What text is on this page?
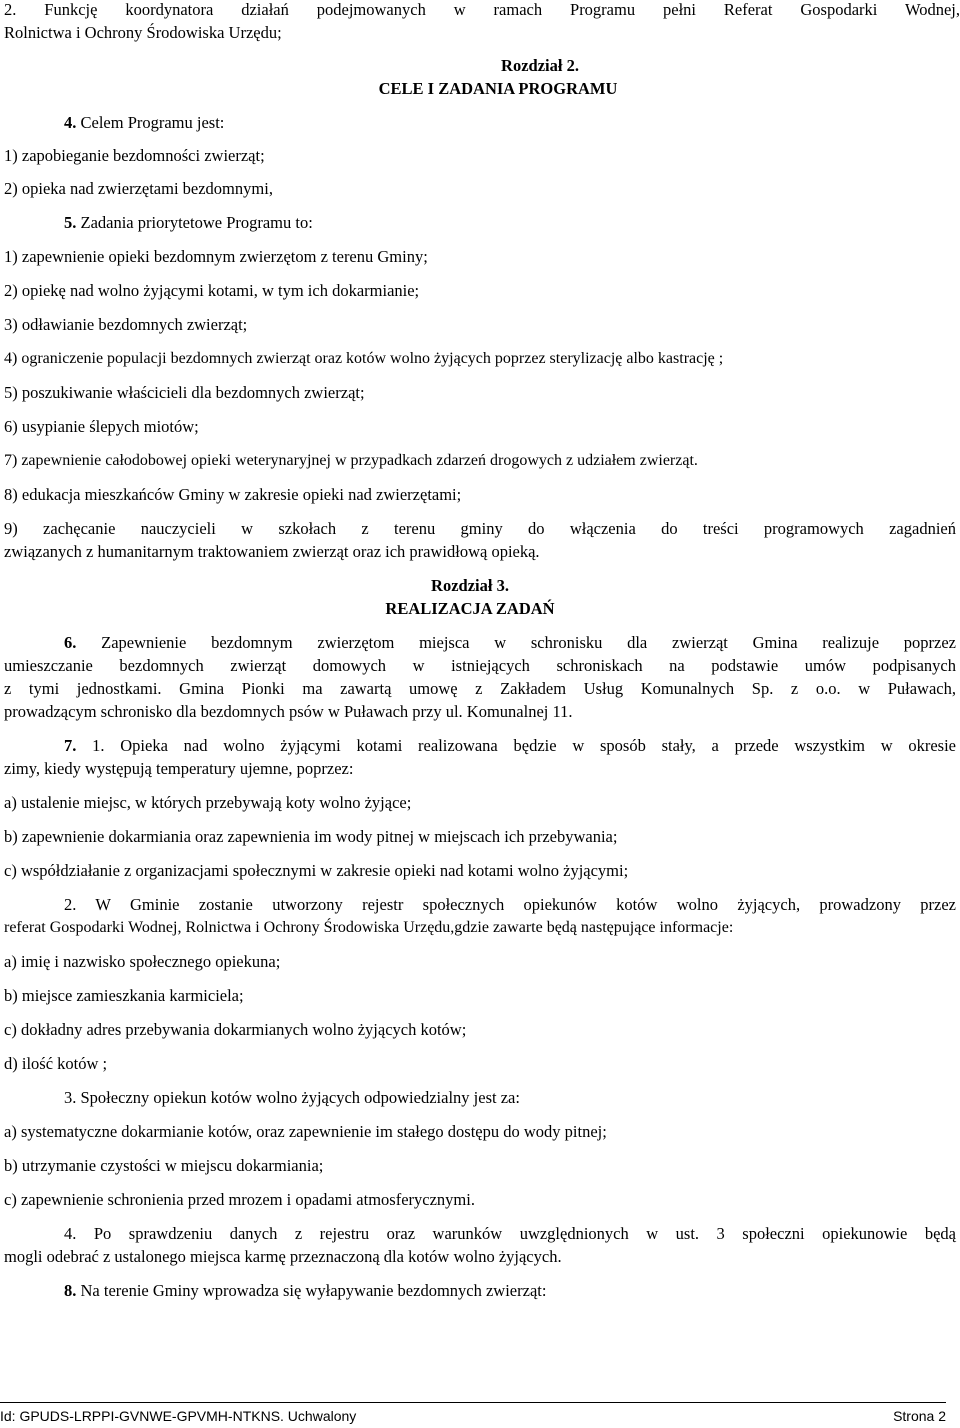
2. Funkcję koordynatora działań podejmowanych w ramach Programu pełni Referat Gospodarki Wodnej,
Rolnictwa i Ochrony Środowiska Urzędu;
Rozdział 2.
CELE I ZADANIA PROGRAMU
4. Celem Programu jest:
1) zapobieganie bezdomności zwierząt;
2) opieka nad zwierzętami bezdomnymi,
5. Zadania priorytetowe Programu to:
1) zapewnienie opieki bezdomnym zwierzętom z terenu Gminy;
2) opiekę nad wolno żyjącymi kotami, w tym ich dokarmianie;
3) odławianie bezdomnych zwierząt;
4) ograniczenie populacji bezdomnych zwierząt oraz kotów wolno żyjących poprzez sterylizację albo kastrację ;
5) poszukiwanie właścicieli dla bezdomnych zwierząt;
6) usypianie ślepych miotów;
7) zapewnienie całodobowej opieki weterynaryjnej w przypadkach zdarzeń drogowych z udziałem zwierząt.
8) edukacja mieszkańców Gminy w zakresie opieki nad zwierzętami;
9) zachęcanie nauczycieli w szkołach z terenu gminy do włączenia do treści programowych zagadnień
związanych z humanitarnym traktowaniem zwierząt oraz ich prawidłową opieką.
Rozdział 3.
REALIZACJA ZADAŃ
6. Zapewnienie bezdomnym zwierzętom miejsca w schronisku dla zwierząt Gmina realizuje poprzez
umieszczanie bezdomnych zwierząt domowych w istniejących schroniskach na podstawie umów podpisanych
z tymi jednostkami. Gmina Pionki ma zawartą umowę z Zakładem Usług Komunalnych Sp. z o.o. w Puławach,
prowadzącym schronisko dla bezdomnych psów w Puławach przy ul. Komunalnej 11.
7. 1. Opieka nad wolno żyjącymi kotami realizowana będzie w sposób stały, a przede wszystkim w okresie
zimy, kiedy występują temperatury ujemne, poprzez:
a) ustalenie miejsc, w których przebywają koty wolno żyjące;
b) zapewnienie dokarmiania oraz zapewnienia im wody pitnej w miejscach ich przebywania;
c) współdziałanie z organizacjami społecznymi w zakresie opieki nad kotami wolno żyjącymi;
2. W Gminie zostanie utworzony rejestr społecznych opiekunów kotów wolno żyjących, prowadzony przez
referat Gospodarki Wodnej, Rolnictwa i Ochrony Środowiska Urzędu,gdzie zawarte będą następujące informacje:
a) imię i nazwisko społecznego opiekuna;
b) miejsce zamieszkania karmiciela;
c) dokładny adres przebywania dokarmianych wolno żyjących kotów;
d) ilość kotów ;
3. Społeczny opiekun kotów wolno żyjących odpowiedzialny jest za:
a) systematyczne dokarmianie kotów, oraz zapewnienie im stałego dostępu do wody pitnej;
b) utrzymanie czystości w miejscu dokarmiania;
c) zapewnienie schronienia przed mrozem i opadami atmosferycznymi.
4. Po sprawdzeniu danych z rejestru oraz warunków uwzględnionych w ust. 3 społeczni opiekunowie będą
mogli odebrać z ustalonego miejsca karmę przeznaczoną dla kotów wolno żyjących.
8. Na terenie Gminy wprowadza się wyłapywanie bezdomnych zwierząt:
Id: GPUDS-LRPPI-GVNWE-GPVMH-NTKNS. Uchwalony	Strona 2
